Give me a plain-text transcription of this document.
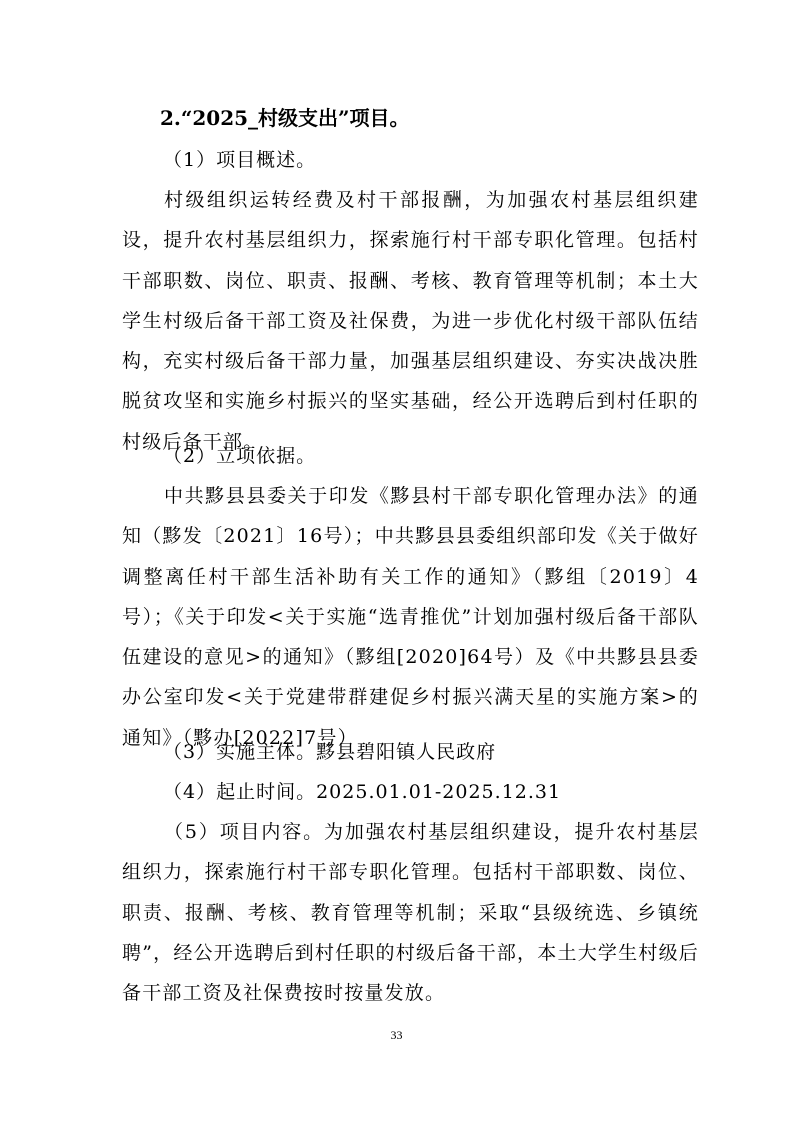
2.“2025_村级支出”项目。
（1）项目概述。

村级组织运转经费及村干部报酬，为加强农村基层组织建设，提升农村基层组织力，探索施行村干部专职化管理。包括村干部职数、岗位、职责、报酬、考核、教育管理等机制；本土大学生村级后备干部工资及社保费，为进一步优化村级干部队伍结构，充实村级后备干部力量，加强基层组织建设、夯实决战决胜脱贫攻坚和实施乡村振兴的坚实基础，经公开选聘后到村任职的村级后备干部。

（2）立项依据。

中共黟县县委关于印发《黟县村干部专职化管理办法》的通知（黟发〔2021〕16号）；中共黟县县委组织部印发《关于做好调整离任村干部生活补助有关工作的通知》（黟组〔2019〕4号）；《关于印发<关于实施“选青推优”计划加强村级后备干部队伍建设的意见>的通知》（黟组[2020]64号）及《中共黟县县委办公室印发<关于党建带群建促乡村振兴满天星的实施方案>的通知》（黟办[2022]7号）

（3）实施主体。黟县碧阳镇人民政府
（4）起止时间。2025.01.01-2025.12.31

（5）项目内容。为加强农村基层组织建设，提升农村基层组织力，探索施行村干部专职化管理。包括村干部职数、岗位、职责、报酬、考核、教育管理等机制；采取“县级统选、乡镇统聘”，经公开选聘后到村任职的村级后备干部，本土大学生村级后备干部工资及社保费按时按量发放。

33
